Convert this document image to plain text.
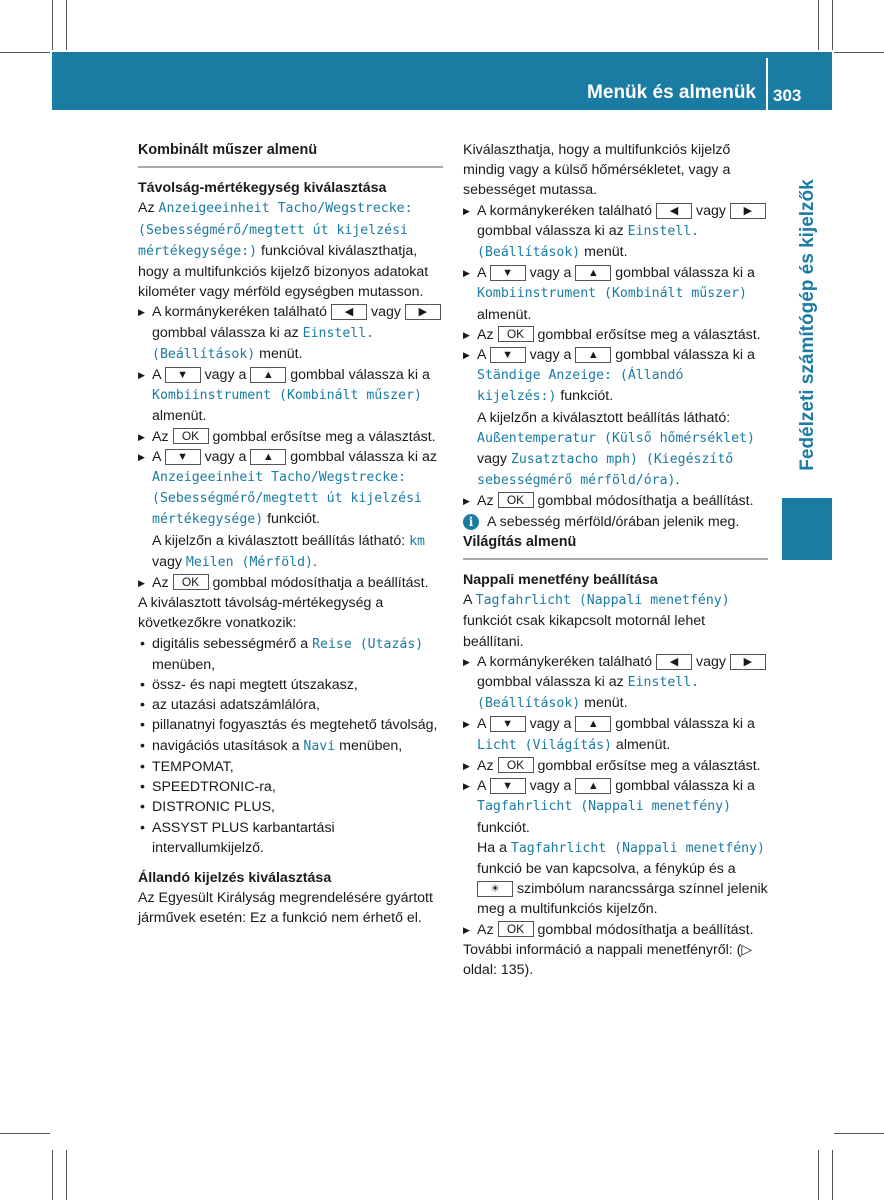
Menük és almenük 303
Fedélzeti számítógép és kijelzők
Kombinált műszer almenü

Távolság-mértékegység kiválasztása

Az Anzeigeeinheit Tacho/Wegstrecke: (Sebességmérő/megtett út kijelzési mértékegysége:) funkcióval kiválaszthatja, hogy a multifunkciós kijelző bizonyos adatokat kilométer vagy mérföld egységben mutasson.

▶ A kormánykeréken található ◀ vagy ▶ gombbal válassza ki az Einstell. (Beállítások) menüt.

▶ A ▼ vagy a ▲ gombbal válassza ki a Kombiinstrument (Kombinált műszer) almenüt.

▶ Az OK gombbal erősítse meg a választást.

▶ A ▼ vagy a ▲ gombbal válassza ki az Anzeigeeinheit Tacho/Wegstrecke: (Sebességmérő/megtett út kijelzési mértékegysége) funkciót.
A kijelzőn a kiválasztott beállítás látható: km vagy Meilen (Mérföld).

▶ Az OK gombbal módosíthatja a beállítást.

A kiválasztott távolság-mértékegység a következőkre vonatkozik:

• digitális sebességmérő a Reise (Utazás) menüben,

• össz- és napi megtett útszakasz,

• az utazási adatszámlálóra,

• pillanatnyi fogyasztás és megtehető távolság,

• navigációs utasítások a Navi menüben,

• TEMPOMAT,

• SPEEDTRONIC-ra,

• DISTRONIC PLUS,

• ASSYST PLUS karbantartási intervallumkijelző.

Állandó kijelzés kiválasztása

Az Egyesült Királyság megrendelésére gyártott járművek esetén: Ez a funkció nem érhető el.

Kiválaszthatja, hogy a multifunkciós kijelző mindig vagy a külső hőmérsékletet, vagy a sebességet mutassa.

▶ A kormánykeréken található ◀ vagy ▶ gombbal válassza ki az Einstell. (Beállítások) menüt.

▶ A ▼ vagy a ▲ gombbal válassza ki a Kombiinstrument (Kombinált műszer) almenüt.

▶ Az OK gombbal erősítse meg a választást.

▶ A ▼ vagy a ▲ gombbal válassza ki a Ständige Anzeige: (Állandó kijelzés:) funkciót.
A kijelzőn a kiválasztott beállítás látható: Außentemperatur (Külső hőmérséklet) vagy Zusatztacho mph) (Kiegészítő sebességmérő mérföld/óra).

▶ Az OK gombbal módosíthatja a beállítást.

i A sebesség mérföld/órában jelenik meg.

Világítás almenü

Nappali menetfény beállítása

A Tagfahrlicht (Nappali menetfény) funkciót csak kikapcsolt motornál lehet beállítani.

▶ A kormánykeréken található ◀ vagy ▶ gombbal válassza ki az Einstell. (Beállítások) menüt.

▶ A ▼ vagy a ▲ gombbal válassza ki a Licht (Világítás) almenüt.

▶ Az OK gombbal erősítse meg a választást.

▶ A ▼ vagy a ▲ gombbal válassza ki a Tagfahrlicht (Nappali menetfény) funkciót.
Ha a Tagfahrlicht (Nappali menetfény) funkció be van kapcsolva, a fénykúp és a ☀ szimbólum narancssárga színnel jelenik meg a multifunkciós kijelzőn.

▶ Az OK gombbal módosíthatja a beállítást.

További információ a nappali menetfényről: (▷ oldal: 135).
